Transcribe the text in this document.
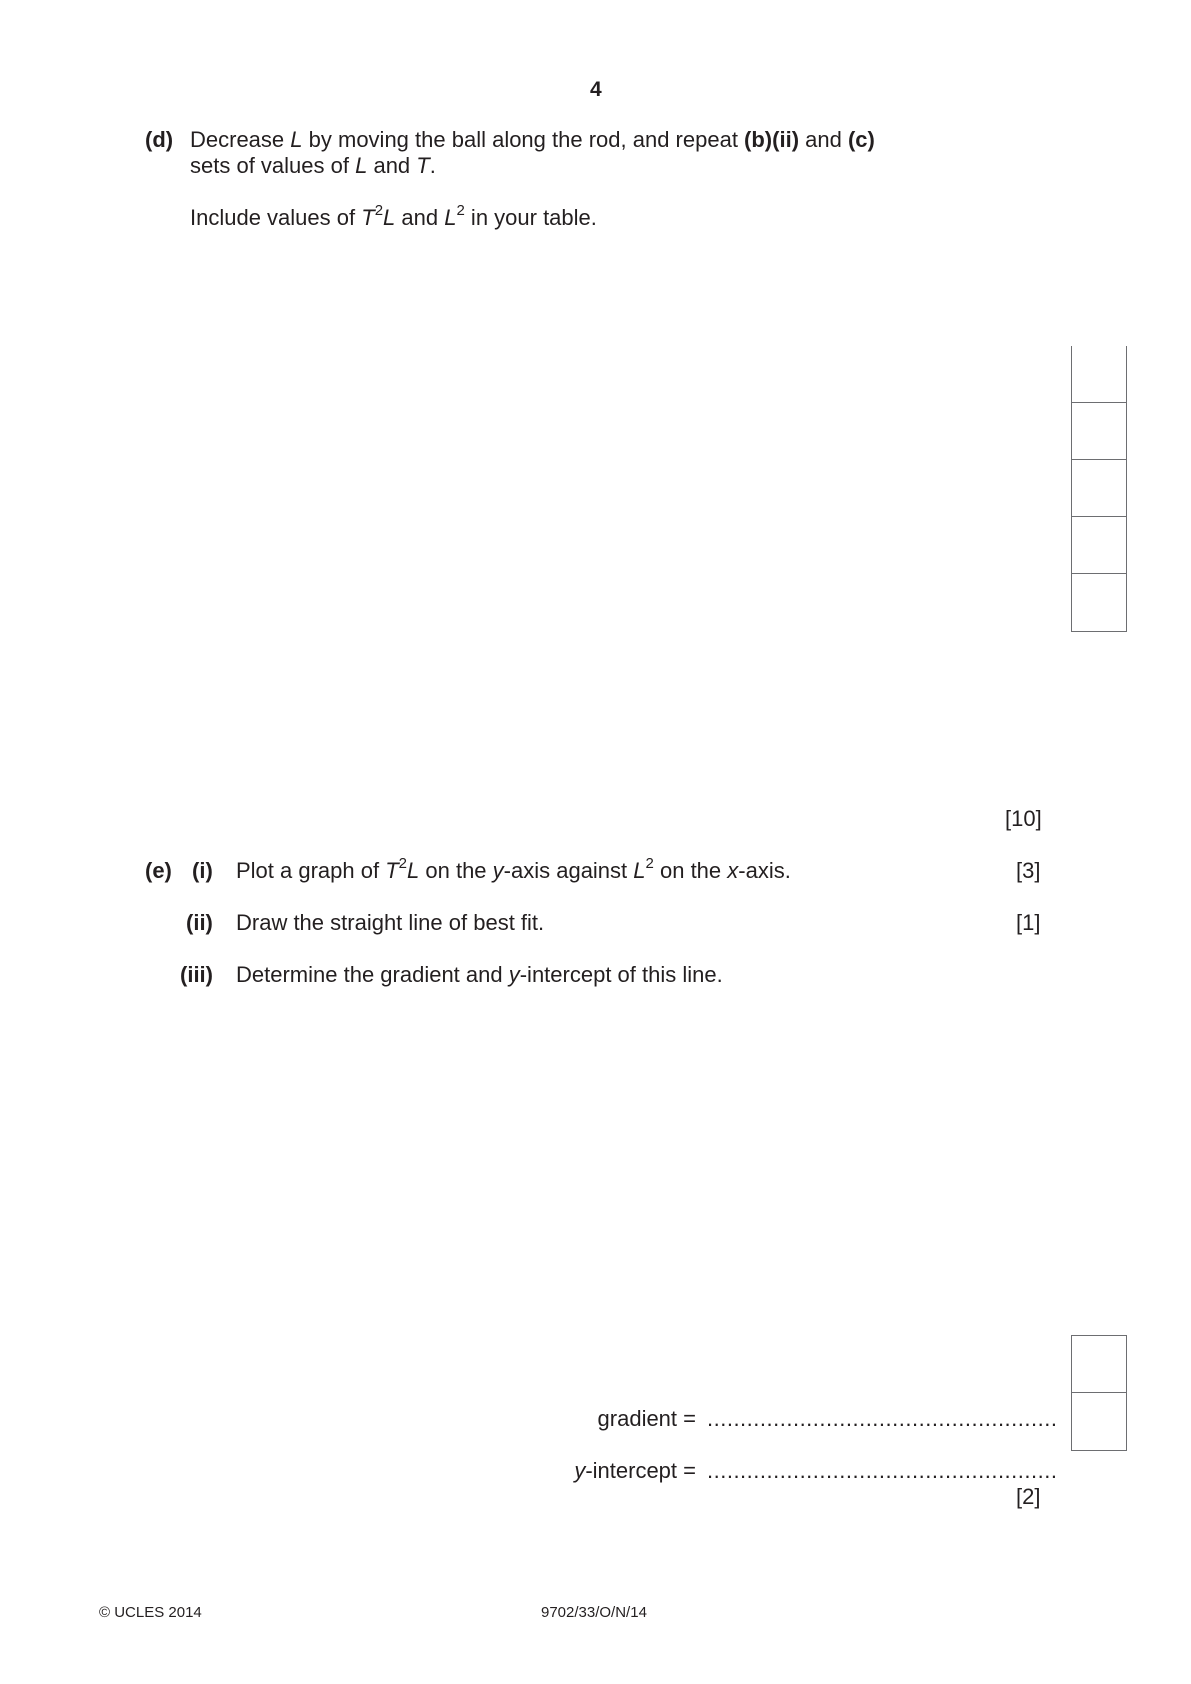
4
(d) Decrease L by moving the ball along the rod, and repeat (b)(ii) and (c)
sets of values of L and T.
Include values of $T^2L$ and $L^2$ in your table.
[10]
(e) (i) Plot a graph of $T^2L$ on the y-axis against $L^2$ on the x-axis.	[3]
(ii) Draw the straight line of best fit.	[1]
(iii) Determine the gradient and y-intercept of this line.
gradient = .....................................................
y-intercept = .....................................................
[2]
© UCLES 2014	9702/33/O/N/14
